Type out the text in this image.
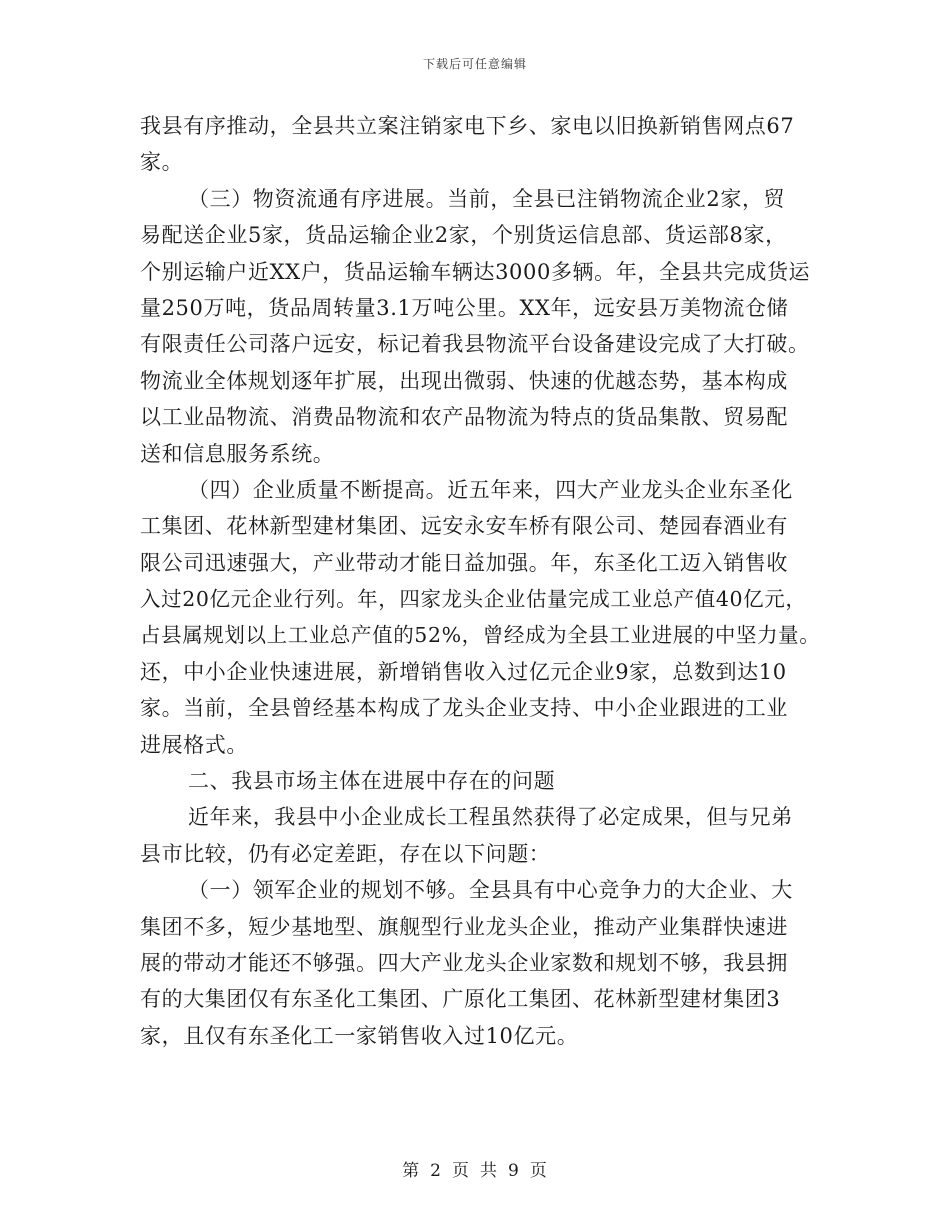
下载后可任意编辑
我县有序推动，全县共立案注销家电下乡、家电以旧换新销售网点67
家。
（三）物资流通有序进展。当前，全县已注销物流企业2家，贸
易配送企业5家，货品运输企业2家，个别货运信息部、货运部8家，
个别运输户近XX户，货品运输车辆达3000多辆。年，全县共完成货运
量250万吨，货品周转量3.1万吨公里。XX年，远安县万美物流仓储
有限责任公司落户远安，标记着我县物流平台设备建设完成了大打破。
物流业全体规划逐年扩展，出现出微弱、快速的优越态势，基本构成
以工业品物流、消费品物流和农产品物流为特点的货品集散、贸易配
送和信息服务系统。
（四）企业质量不断提高。近五年来，四大产业龙头企业东圣化
工集团、花林新型建材集团、远安永安车桥有限公司、楚园春酒业有
限公司迅速强大，产业带动才能日益加强。年，东圣化工迈入销售收
入过20亿元企业行列。年，四家龙头企业估量完成工业总产值40亿元，
占县属规划以上工业总产值的52%，曾经成为全县工业进展的中坚力量。
还，中小企业快速进展，新增销售收入过亿元企业9家，总数到达10
家。当前，全县曾经基本构成了龙头企业支持、中小企业跟进的工业
进展格式。
二、我县市场主体在进展中存在的问题
近年来，我县中小企业成长工程虽然获得了必定成果，但与兄弟
县市比较，仍有必定差距，存在以下问题：
（一）领军企业的规划不够。全县具有中心竞争力的大企业、大
集团不多，短少基地型、旗舰型行业龙头企业，推动产业集群快速进
展的带动才能还不够强。四大产业龙头企业家数和规划不够，我县拥
有的大集团仅有东圣化工集团、广原化工集团、花林新型建材集团3
家，且仅有东圣化工一家销售收入过10亿元。
第 2 页 共 9 页
